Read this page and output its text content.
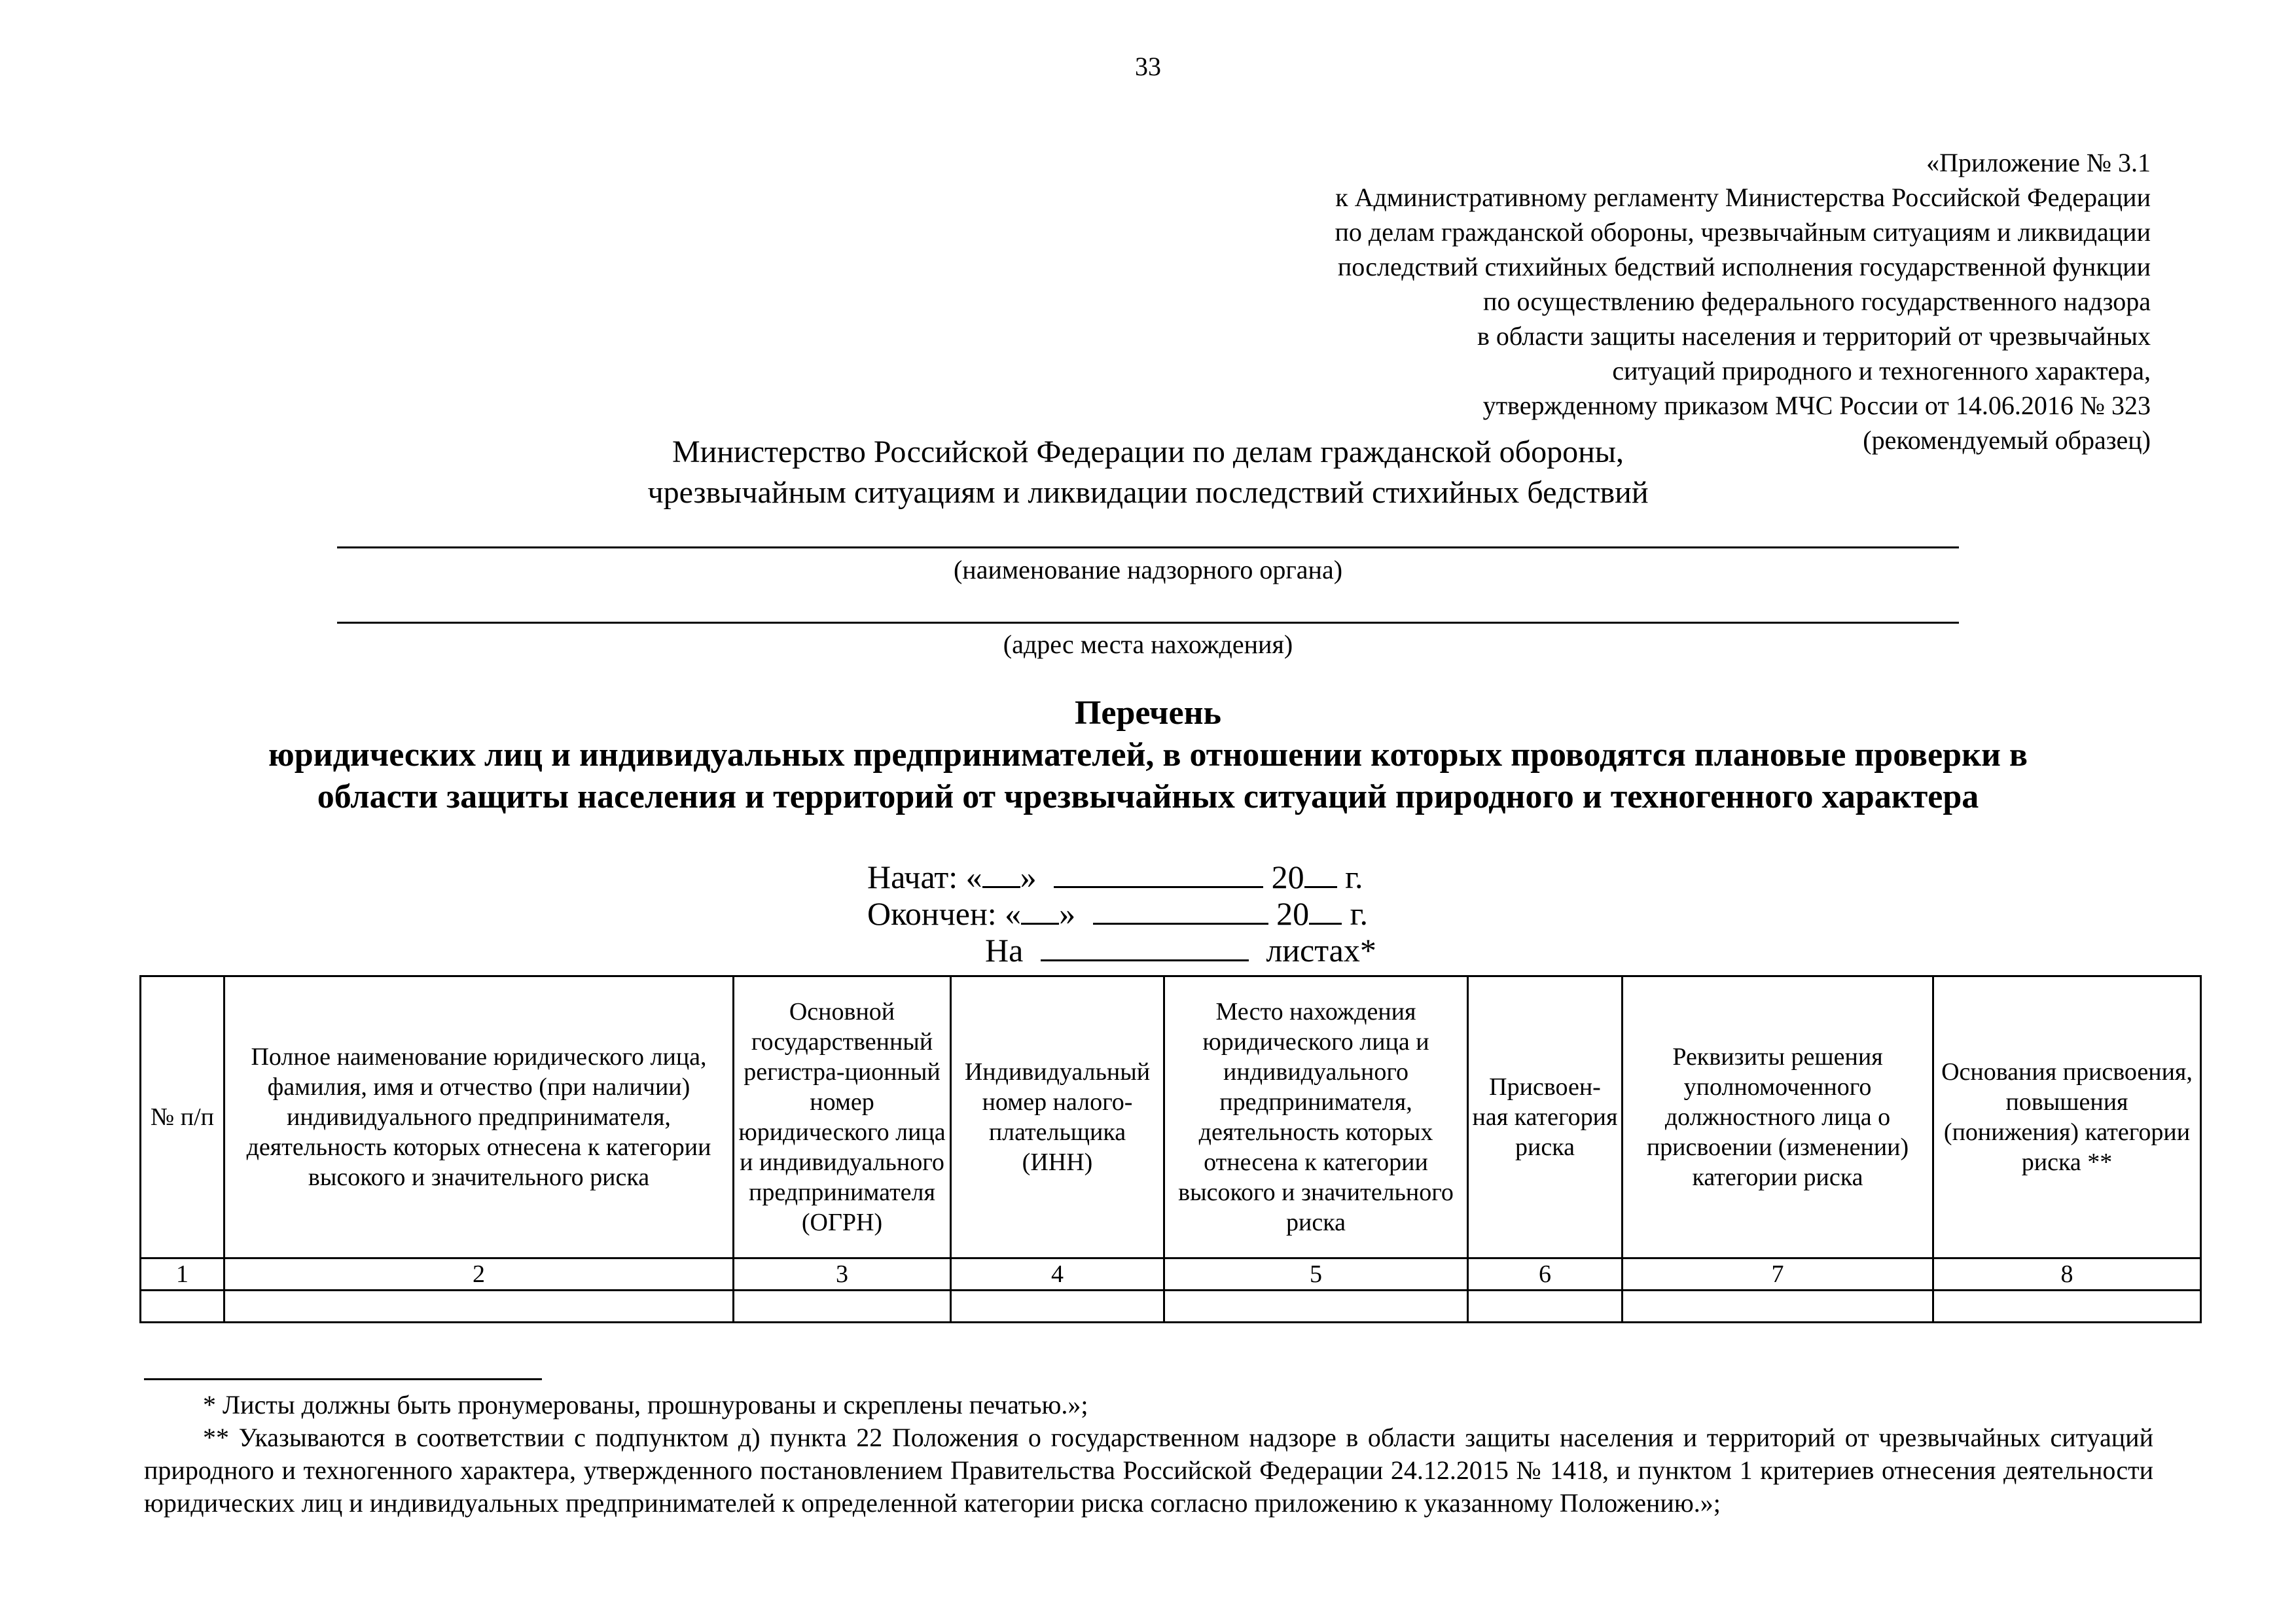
33
«Приложение № 3.1
к Административному регламенту Министерства Российской Федерации
по делам гражданской обороны, чрезвычайным ситуациям и ликвидации
последствий стихийных бедствий исполнения государственной функции
по осуществлению федерального государственного надзора
в области защиты населения и территорий от чрезвычайных
ситуаций природного и техногенного характера,
утвержденному приказом МЧС России от 14.06.2016 № 323
(рекомендуемый образец)
Министерство Российской Федерации по делам гражданской обороны,
чрезвычайным ситуациям и ликвидации последствий стихийных бедствий
(наименование надзорного органа)
(адрес места нахождения)
Перечень
юридических лиц и индивидуальных предпринимателей, в отношении которых проводятся плановые проверки в
области защиты населения и территорий от чрезвычайных ситуаций природного и техногенного характера
Начат: « »	20 г.
Окончен: « »	20 г.
На	листах*
№ п/п	Полное наименование юридического лица, фамилия, имя и отчество (при наличии) индивидуального предпринимателя, деятельность которых отнесена к категории высокого и значительного риска	Основной государственный регистра-ционный номер юридического лица и индивидуального предпринимателя (ОГРН)	Индивидуальный номер налого-плательщика (ИНН)	Место нахождения юридического лица и индивидуального предпринимателя, деятельность которых отнесена к категории высокого и значительного риска	Присвоен-ная категория риска	Реквизиты решения уполномоченного должностного лица о присвоении (изменении) категории риска	Основания присвоения, повышения (понижения) категории риска **
1	2	3	4	5	6	7	8

* Листы должны быть пронумерованы, прошнурованы и скреплены печатью.»;
** Указываются в соответствии с подпунктом д) пункта 22 Положения о государственном надзоре в области защиты населения и территорий от чрезвычайных ситуаций природного и техногенного характера, утвержденного постановлением Правительства Российской Федерации 24.12.2015 № 1418, и пунктом 1 критериев отнесения деятельности юридических лиц и индивидуальных предпринимателей к определенной категории риска согласно приложению к указанному Положению.»;
